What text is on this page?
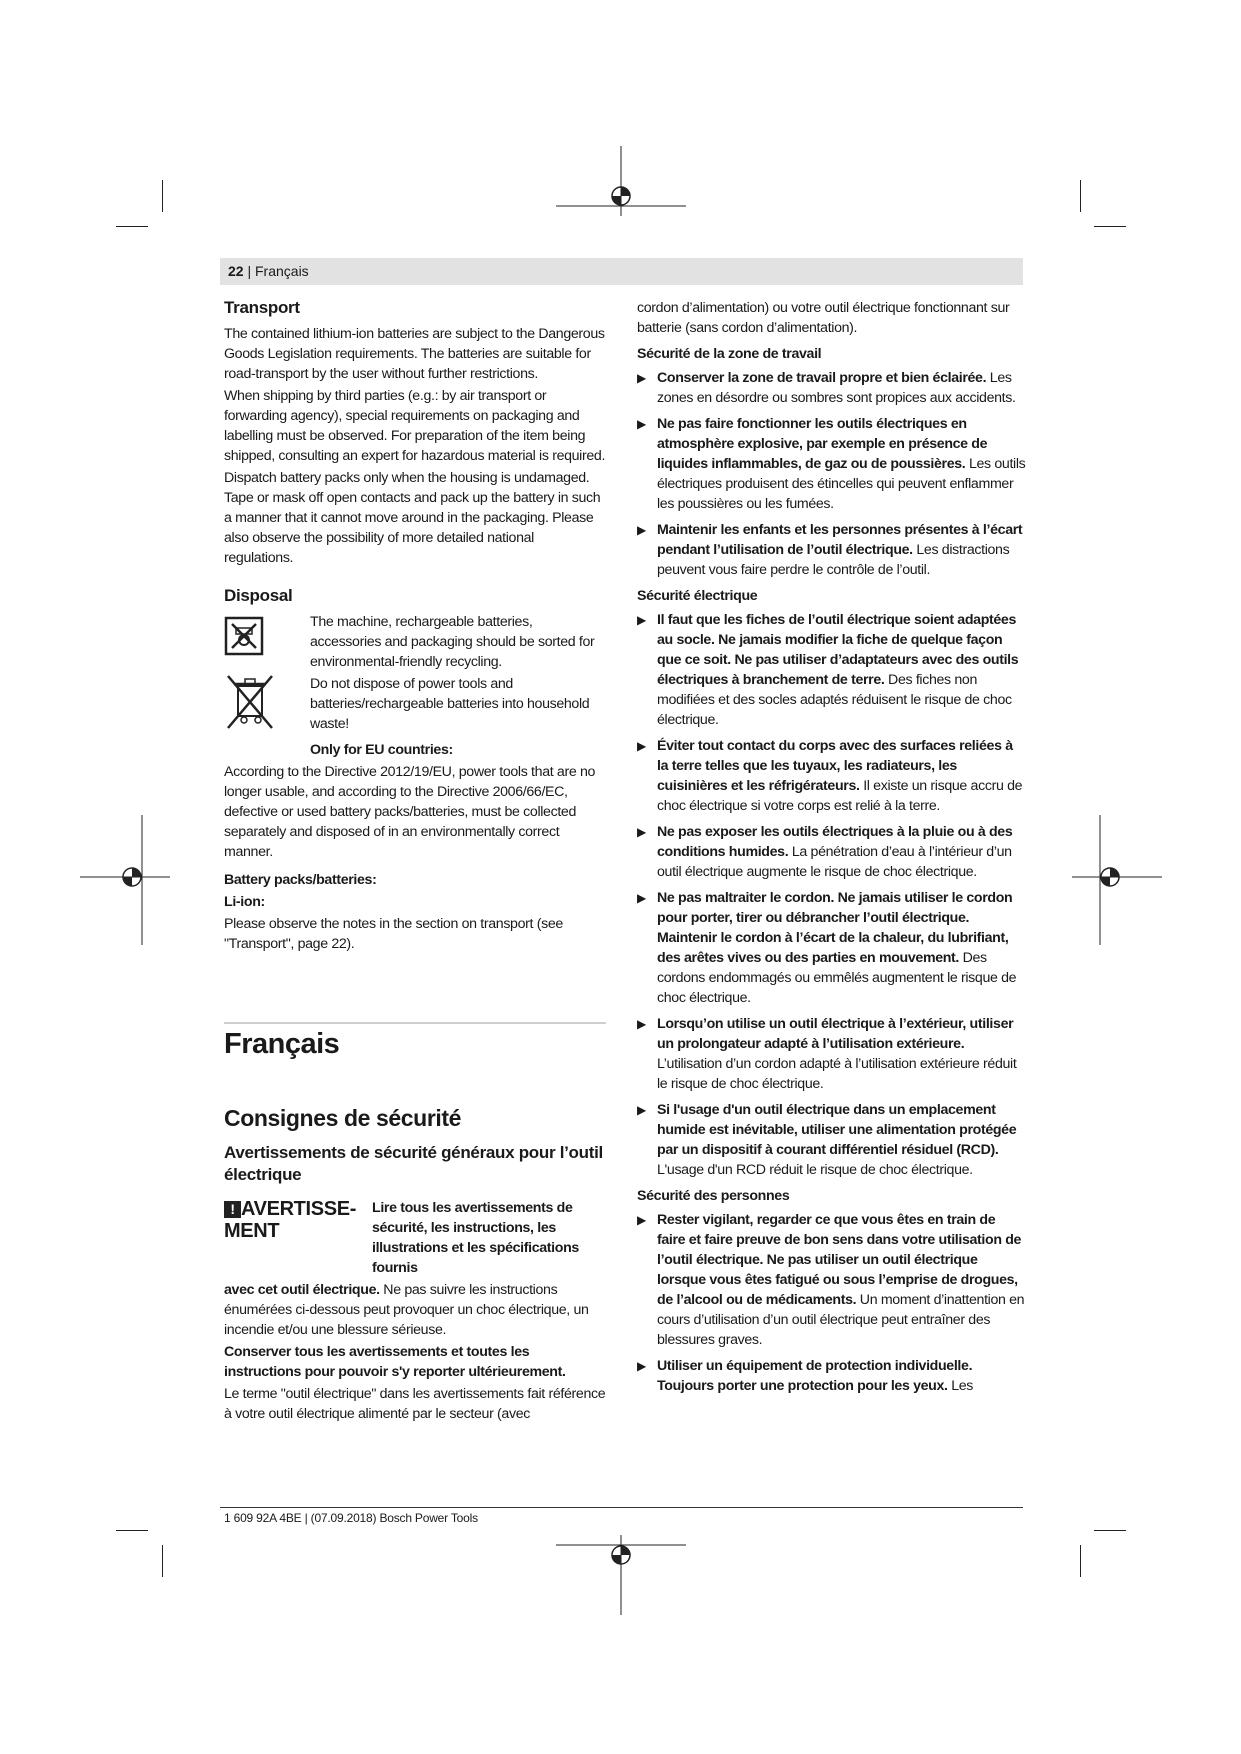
22 | Français
Transport

The contained lithium-ion batteries are subject to the Dangerous Goods Legislation requirements. The batteries are suitable for road-transport by the user without further restrictions.

When shipping by third parties (e.g.: by air transport or forwarding agency), special requirements on packaging and labelling must be observed. For preparation of the item being shipped, consulting an expert for hazardous material is required.

Dispatch battery packs only when the housing is undamaged. Tape or mask off open contacts and pack up the battery in such a manner that it cannot move around in the packaging. Please also observe the possibility of more detailed national regulations.

Disposal

The machine, rechargeable batteries, accessories and packaging should be sorted for environmental-friendly recycling.

Do not dispose of power tools and batteries/rechargeable batteries into household waste!

Only for EU countries:

According to the Directive 2012/19/EU, power tools that are no longer usable, and according to the Directive 2006/66/EC, defective or used battery packs/batteries, must be collected separately and disposed of in an environmentally correct manner.

Battery packs/batteries:

Li-ion:

Please observe the notes in the section on transport (see "Transport", page 22).

Français
Consignes de sécurité
Avertissements de sécurité généraux pour l’outil électrique
! AVERTISSE-
MENT

Lire tous les avertissements de sécurité, les instructions, les illustrations et les spécifications fournis

avec cet outil électrique. Ne pas suivre les instructions énumérées ci-dessous peut provoquer un choc électrique, un incendie et/ou une blessure sérieuse.

Conserver tous les avertissements et toutes les instructions pour pouvoir s'y reporter ultérieurement.

Le terme "outil électrique" dans les avertissements fait référence à votre outil électrique alimenté par le secteur (avec

cordon d’alimentation) ou votre outil électrique fonctionnant sur batterie (sans cordon d’alimentation).

Sécurité de la zone de travail
▶ Conserver la zone de travail propre et bien éclairée. Les zones en désordre ou sombres sont propices aux accidents.
▶ Ne pas faire fonctionner les outils électriques en atmosphère explosive, par exemple en présence de liquides inflammables, de gaz ou de poussières. Les outils électriques produisent des étincelles qui peuvent enflammer les poussières ou les fumées.
▶ Maintenir les enfants et les personnes présentes à l’écart pendant l’utilisation de l’outil électrique. Les distractions peuvent vous faire perdre le contrôle de l’outil.
Sécurité électrique
▶ Il faut que les fiches de l’outil électrique soient adaptées au socle. Ne jamais modifier la fiche de quelque façon que ce soit. Ne pas utiliser d’adaptateurs avec des outils électriques à branchement de terre. Des fiches non modifiées et des socles adaptés réduisent le risque de choc électrique.
▶ Éviter tout contact du corps avec des surfaces reliées à la terre telles que les tuyaux, les radiateurs, les cuisinières et les réfrigérateurs. Il existe un risque accru de choc électrique si votre corps est relié à la terre.
▶ Ne pas exposer les outils électriques à la pluie ou à des conditions humides. La pénétration d’eau à l’intérieur d’un outil électrique augmente le risque de choc électrique.
▶ Ne pas maltraiter le cordon. Ne jamais utiliser le cordon pour porter, tirer ou débrancher l’outil électrique. Maintenir le cordon à l’écart de la chaleur, du lubrifiant, des arêtes vives ou des parties en mouvement. Des cordons endommagés ou emmêlés augmentent le risque de choc électrique.
▶ Lorsqu’on utilise un outil électrique à l’extérieur, utiliser un prolongateur adapté à l’utilisation extérieure. L’utilisation d’un cordon adapté à l’utilisation extérieure réduit le risque de choc électrique.
▶ Si l'usage d'un outil électrique dans un emplacement humide est inévitable, utiliser une alimentation protégée par un dispositif à courant différentiel résiduel (RCD). L'usage d'un RCD réduit le risque de choc électrique.
Sécurité des personnes
▶ Rester vigilant, regarder ce que vous êtes en train de faire et faire preuve de bon sens dans votre utilisation de l’outil électrique. Ne pas utiliser un outil électrique lorsque vous êtes fatigué ou sous l’emprise de drogues, de l’alcool ou de médicaments. Un moment d’inattention en cours d’utilisation d’un outil électrique peut entraîner des blessures graves.
▶ Utiliser un équipement de protection individuelle. Toujours porter une protection pour les yeux. Les
1 609 92A 4BE | (07.09.2018) Bosch Power Tools
